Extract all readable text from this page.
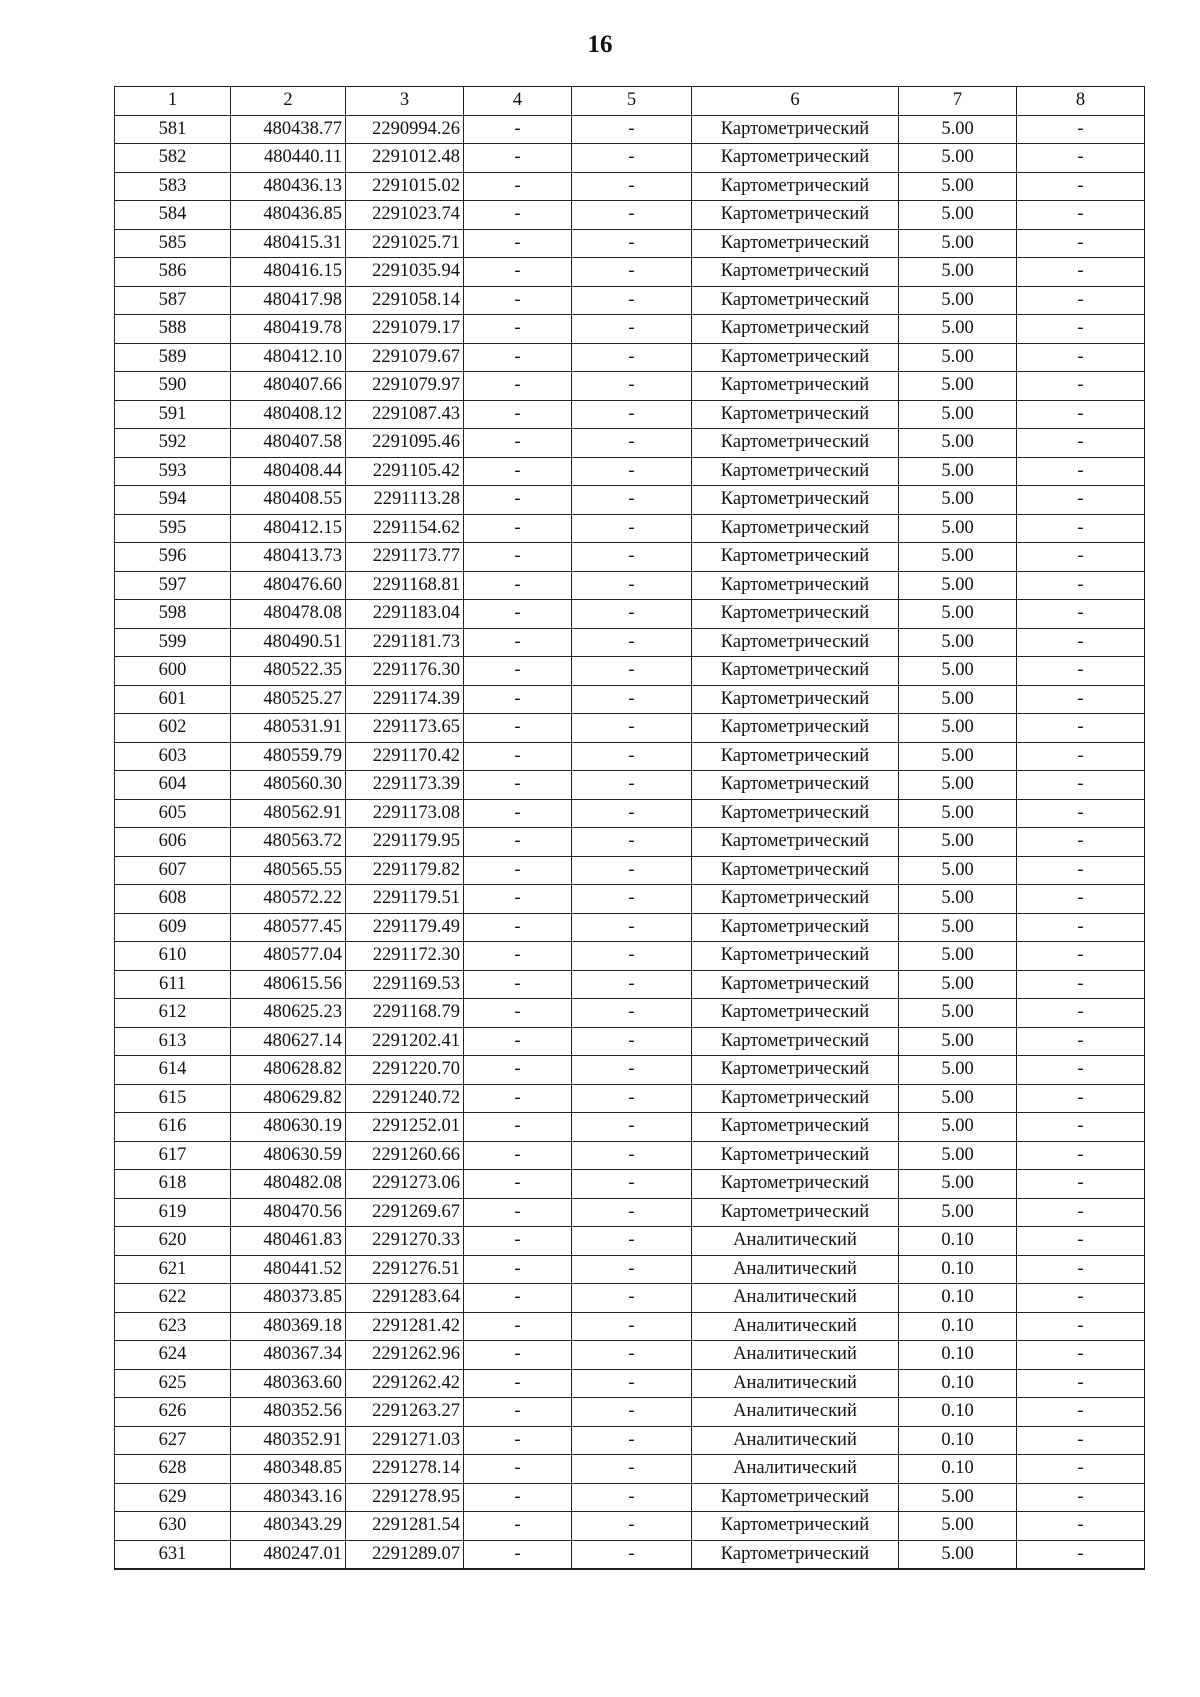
16
1	2	3	4	5	6	7	8
581	480438.77	2290994.26	-	-	Картометрический	5.00	-
582	480440.11	2291012.48	-	-	Картометрический	5.00	-
583	480436.13	2291015.02	-	-	Картометрический	5.00	-
584	480436.85	2291023.74	-	-	Картометрический	5.00	-
585	480415.31	2291025.71	-	-	Картометрический	5.00	-
586	480416.15	2291035.94	-	-	Картометрический	5.00	-
587	480417.98	2291058.14	-	-	Картометрический	5.00	-
588	480419.78	2291079.17	-	-	Картометрический	5.00	-
589	480412.10	2291079.67	-	-	Картометрический	5.00	-
590	480407.66	2291079.97	-	-	Картометрический	5.00	-
591	480408.12	2291087.43	-	-	Картометрический	5.00	-
592	480407.58	2291095.46	-	-	Картометрический	5.00	-
593	480408.44	2291105.42	-	-	Картометрический	5.00	-
594	480408.55	2291113.28	-	-	Картометрический	5.00	-
595	480412.15	2291154.62	-	-	Картометрический	5.00	-
596	480413.73	2291173.77	-	-	Картометрический	5.00	-
597	480476.60	2291168.81	-	-	Картометрический	5.00	-
598	480478.08	2291183.04	-	-	Картометрический	5.00	-
599	480490.51	2291181.73	-	-	Картометрический	5.00	-
600	480522.35	2291176.30	-	-	Картометрический	5.00	-
601	480525.27	2291174.39	-	-	Картометрический	5.00	-
602	480531.91	2291173.65	-	-	Картометрический	5.00	-
603	480559.79	2291170.42	-	-	Картометрический	5.00	-
604	480560.30	2291173.39	-	-	Картометрический	5.00	-
605	480562.91	2291173.08	-	-	Картометрический	5.00	-
606	480563.72	2291179.95	-	-	Картометрический	5.00	-
607	480565.55	2291179.82	-	-	Картометрический	5.00	-
608	480572.22	2291179.51	-	-	Картометрический	5.00	-
609	480577.45	2291179.49	-	-	Картометрический	5.00	-
610	480577.04	2291172.30	-	-	Картометрический	5.00	-
611	480615.56	2291169.53	-	-	Картометрический	5.00	-
612	480625.23	2291168.79	-	-	Картометрический	5.00	-
613	480627.14	2291202.41	-	-	Картометрический	5.00	-
614	480628.82	2291220.70	-	-	Картометрический	5.00	-
615	480629.82	2291240.72	-	-	Картометрический	5.00	-
616	480630.19	2291252.01	-	-	Картометрический	5.00	-
617	480630.59	2291260.66	-	-	Картометрический	5.00	-
618	480482.08	2291273.06	-	-	Картометрический	5.00	-
619	480470.56	2291269.67	-	-	Картометрический	5.00	-
620	480461.83	2291270.33	-	-	Аналитический	0.10	-
621	480441.52	2291276.51	-	-	Аналитический	0.10	-
622	480373.85	2291283.64	-	-	Аналитический	0.10	-
623	480369.18	2291281.42	-	-	Аналитический	0.10	-
624	480367.34	2291262.96	-	-	Аналитический	0.10	-
625	480363.60	2291262.42	-	-	Аналитический	0.10	-
626	480352.56	2291263.27	-	-	Аналитический	0.10	-
627	480352.91	2291271.03	-	-	Аналитический	0.10	-
628	480348.85	2291278.14	-	-	Аналитический	0.10	-
629	480343.16	2291278.95	-	-	Картометрический	5.00	-
630	480343.29	2291281.54	-	-	Картометрический	5.00	-
631	480247.01	2291289.07	-	-	Картометрический	5.00	-
